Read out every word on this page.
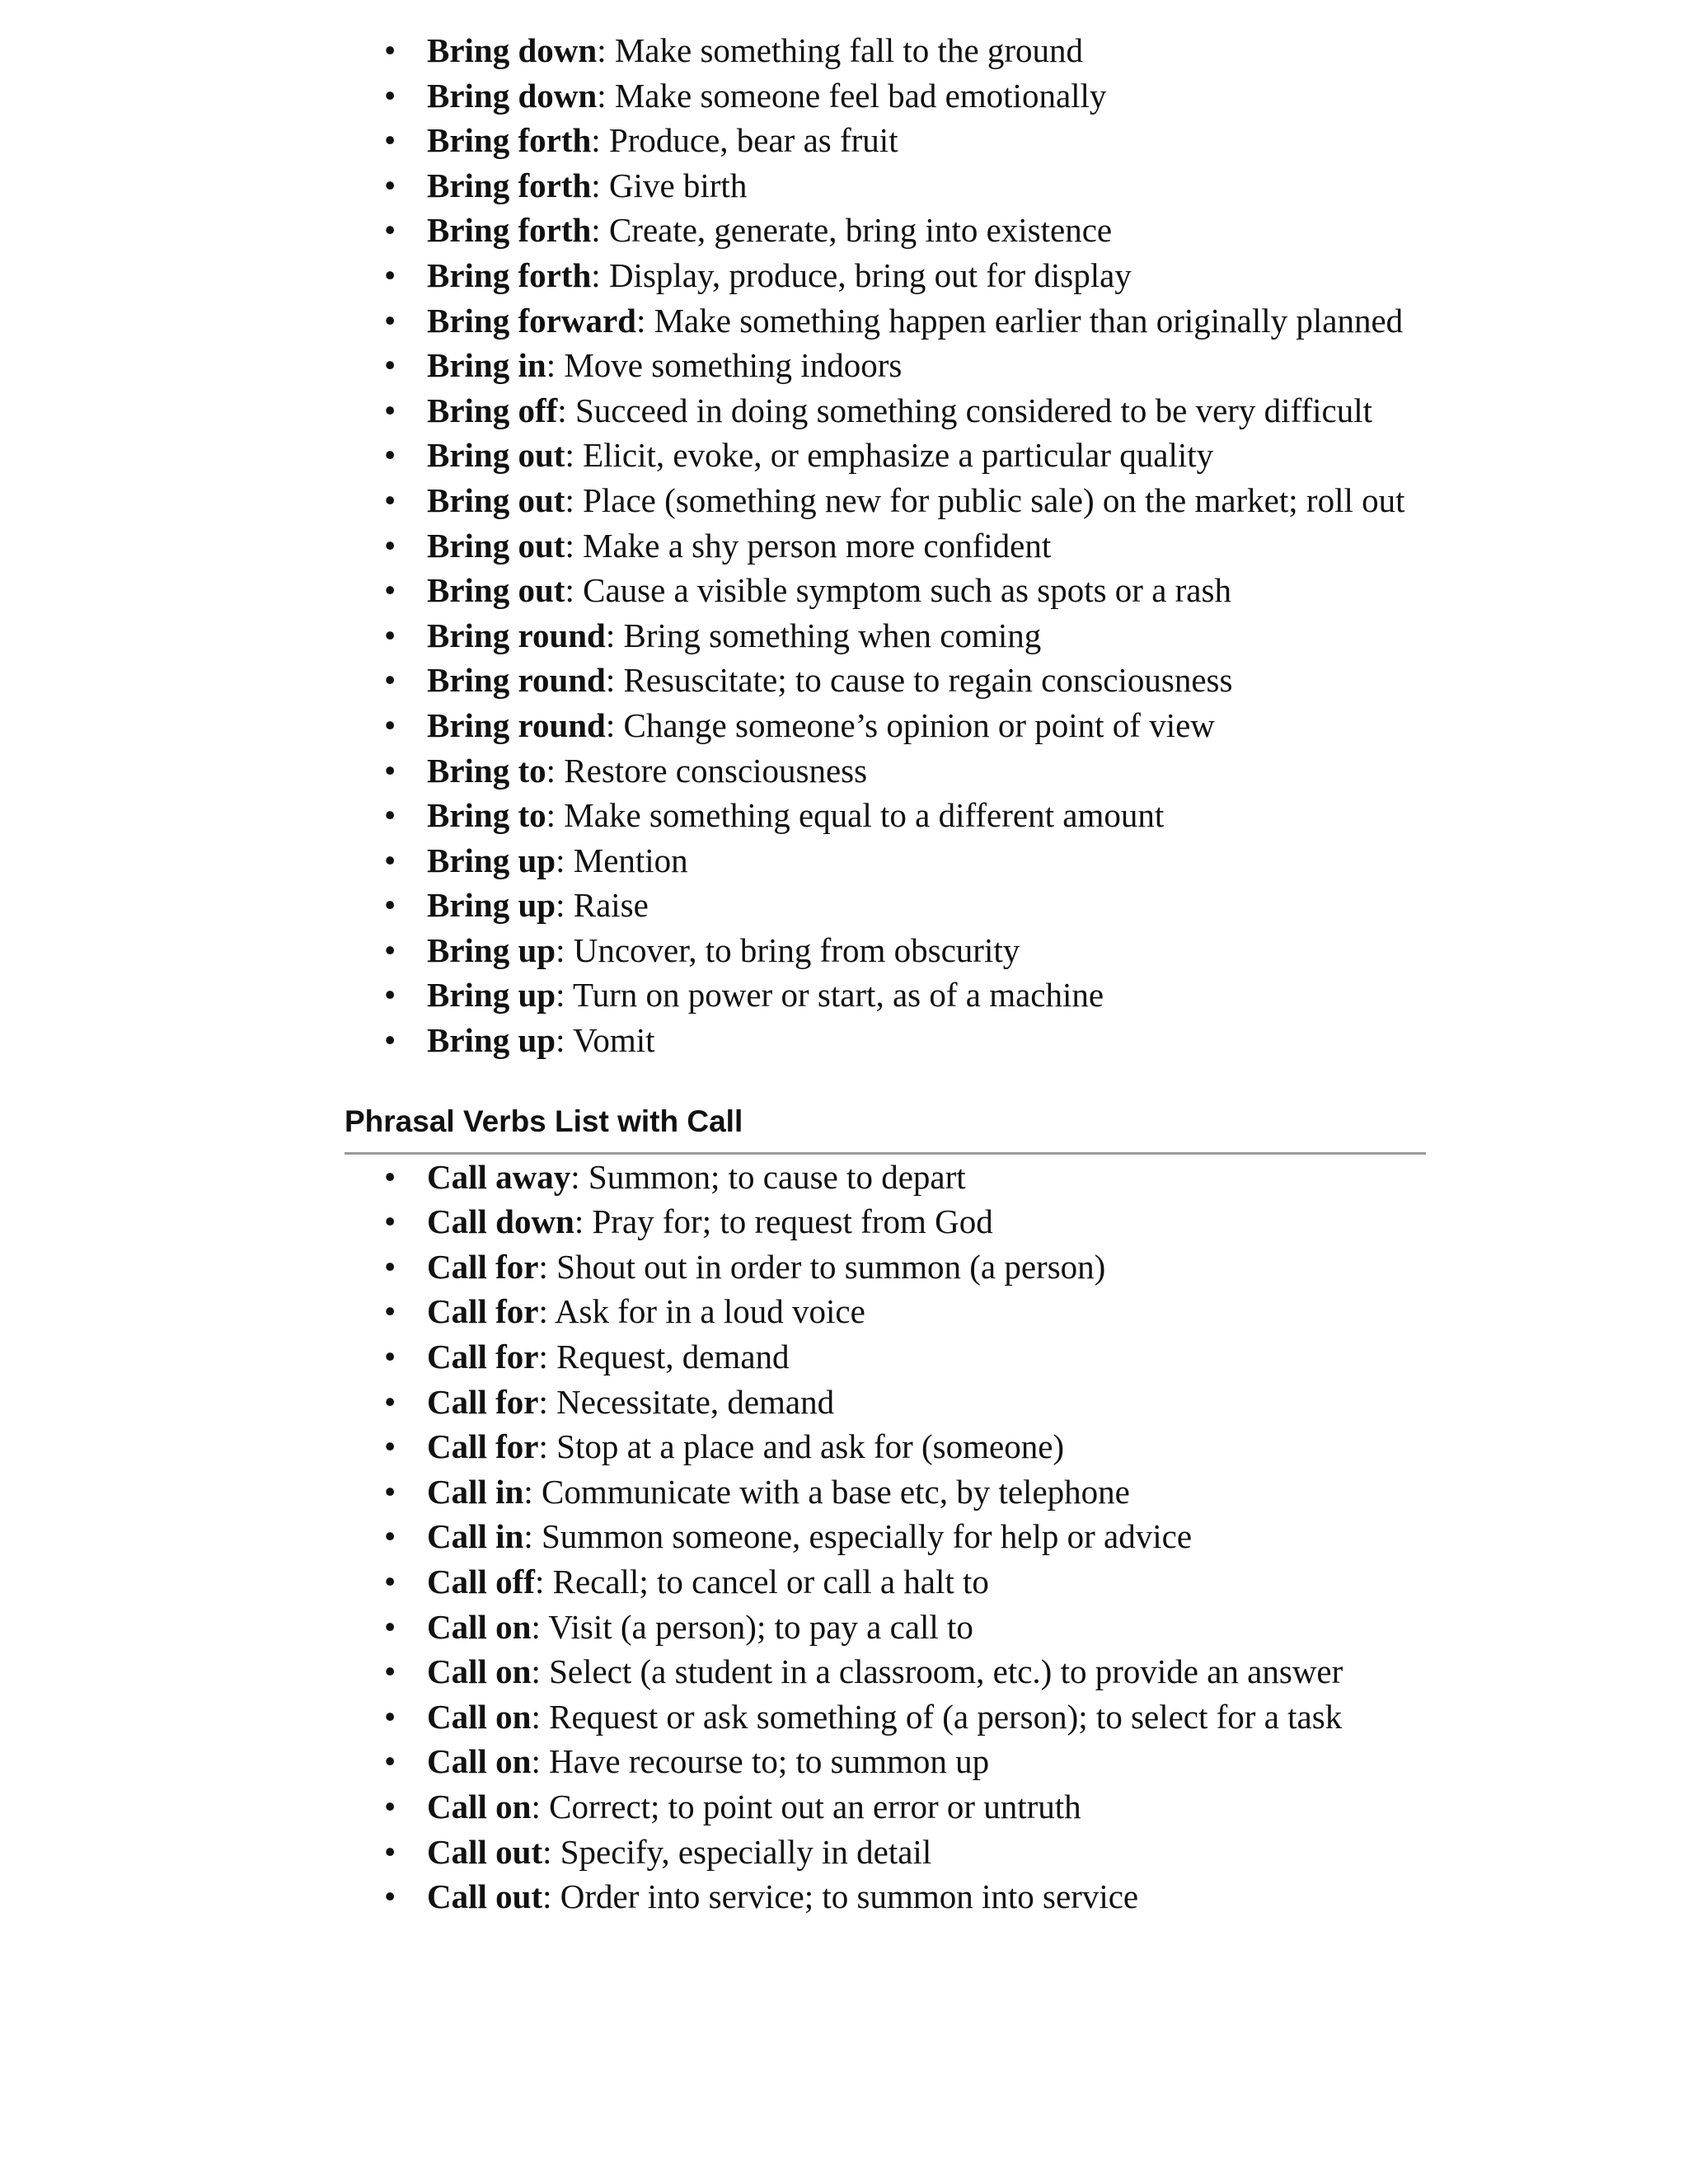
• Bring down: Make something fall to the ground
• Bring down: Make someone feel bad emotionally
• Bring forth: Produce, bear as fruit
• Bring forth: Give birth
• Bring forth: Create, generate, bring into existence
• Bring forth: Display, produce, bring out for display
• Bring forward: Make something happen earlier than originally planned
• Bring in: Move something indoors
• Bring off: Succeed in doing something considered to be very difficult
• Bring out: Elicit, evoke, or emphasize a particular quality
• Bring out: Place (something new for public sale) on the market; roll out
• Bring out: Make a shy person more confident
• Bring out: Cause a visible symptom such as spots or a rash
• Bring round: Bring something when coming
• Bring round: Resuscitate; to cause to regain consciousness
• Bring round: Change someone’s opinion or point of view
• Bring to: Restore consciousness
• Bring to: Make something equal to a different amount
• Bring up: Mention
• Bring up: Raise
• Bring up: Uncover, to bring from obscurity
• Bring up: Turn on power or start, as of a machine
• Bring up: Vomit
Phrasal Verbs List with Call
• Call away: Summon; to cause to depart
• Call down: Pray for; to request from God
• Call for: Shout out in order to summon (a person)
• Call for: Ask for in a loud voice
• Call for: Request, demand
• Call for: Necessitate, demand
• Call for: Stop at a place and ask for (someone)
• Call in: Communicate with a base etc, by telephone
• Call in: Summon someone, especially for help or advice
• Call off: Recall; to cancel or call a halt to
• Call on: Visit (a person); to pay a call to
• Call on: Select (a student in a classroom, etc.) to provide an answer
• Call on: Request or ask something of (a person); to select for a task
• Call on: Have recourse to; to summon up
• Call on: Correct; to point out an error or untruth
• Call out: Specify, especially in detail
• Call out: Order into service; to summon into service
